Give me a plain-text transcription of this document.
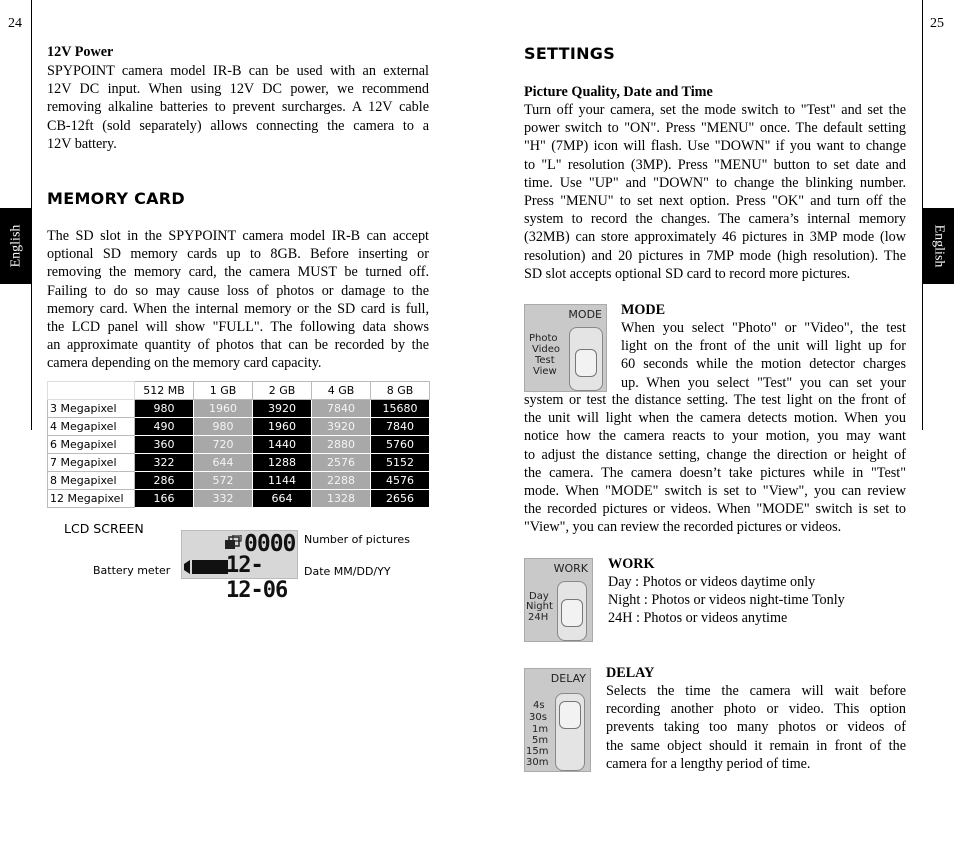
24	25
English	English
12V Power
SPYPOINT camera model IR-B can be used with an external
12V DC input. When using 12V DC power, we recommend
removing alkaline batteries to prevent surcharges. A 12V cable
CB-12ft (sold separately) allows connecting the camera to a
12V battery.
MEMORY CARD
The SD slot in the SPYPOINT camera model IR-B can accept
optional SD memory cards up to 8GB. Before inserting or
removing the memory card, the camera MUST be turned off.
Failing to do so may cause loss of photos or damage to the
memory card. When the internal memory or the SD card is full,
the LCD panel will show "FULL". The following data shows
an approximate quantity of photos that can be recorded by the
camera depending on the memory card capacity.
	512 MB	1 GB	2 GB	4 GB	8 GB
3 Megapixel	980	1960	3920	7840	15680
4 Megapixel	490	980	1960	3920	7840
6 Megapixel	360	720	1440	2880	5760
7 Megapixel	322	644	1288	2576	5152
8 Megapixel	286	572	1144	2288	4576
12 Megapixel	166	332	664	1328	2656
LCD SCREEN
Number of pictures
Battery meter	Date MM/DD/YY
0000
12-12-06
SETTINGS
Picture Quality, Date and Time
Turn off your camera, set the mode switch to "Test" and set the
power switch to "ON". Press "MENU" once. The default setting
"H" (7MP) icon will flash. Use "DOWN" if you want to change
to "L" resolution (3MP). Press "MENU" button to set date and
time. Use "UP" and "DOWN" to change the blinking number.
Press "MENU" to set next option. Press "OK" and turn off the
system to record the changes. The camera’s internal memory
(32MB) can store approximately 46 pictures in 3MP mode (low
resolution) and 20 pictures in 7MP mode (high resolution). The
SD slot accepts optional SD card to record more pictures.
MODE
Photo
Video
Test
View
MODE
When you select "Photo" or "Video", the test
light on the front of the unit will light up for
60 seconds while the motion detector charges
up. When you select "Test" you can set your
system or test the distance setting. The test light on the front of
the unit will light when the camera detects motion. When you
notice how the camera reacts to your motion, you may want
to adjust the distance setting, change the direction or height of
the camera. The camera doesn’t take pictures while in "Test"
mode. When "MODE" switch is set to "View", you can review
the recorded pictures or videos. When "MODE" switch is set to
"View", you can review the recorded pictures or videos.
WORK
Day
Night
24H
WORK
Day : Photos or videos daytime only
Night : Photos or videos night-time Tonly
24H : Photos or videos anytime
DELAY
4s
30s
1m
5m
15m
30m
DELAY
Selects the time the camera will wait before
recording another photo or video. This option
prevents taking too many photos or videos of
the same object should it remain in front of the
camera for a lengthy period of time.
